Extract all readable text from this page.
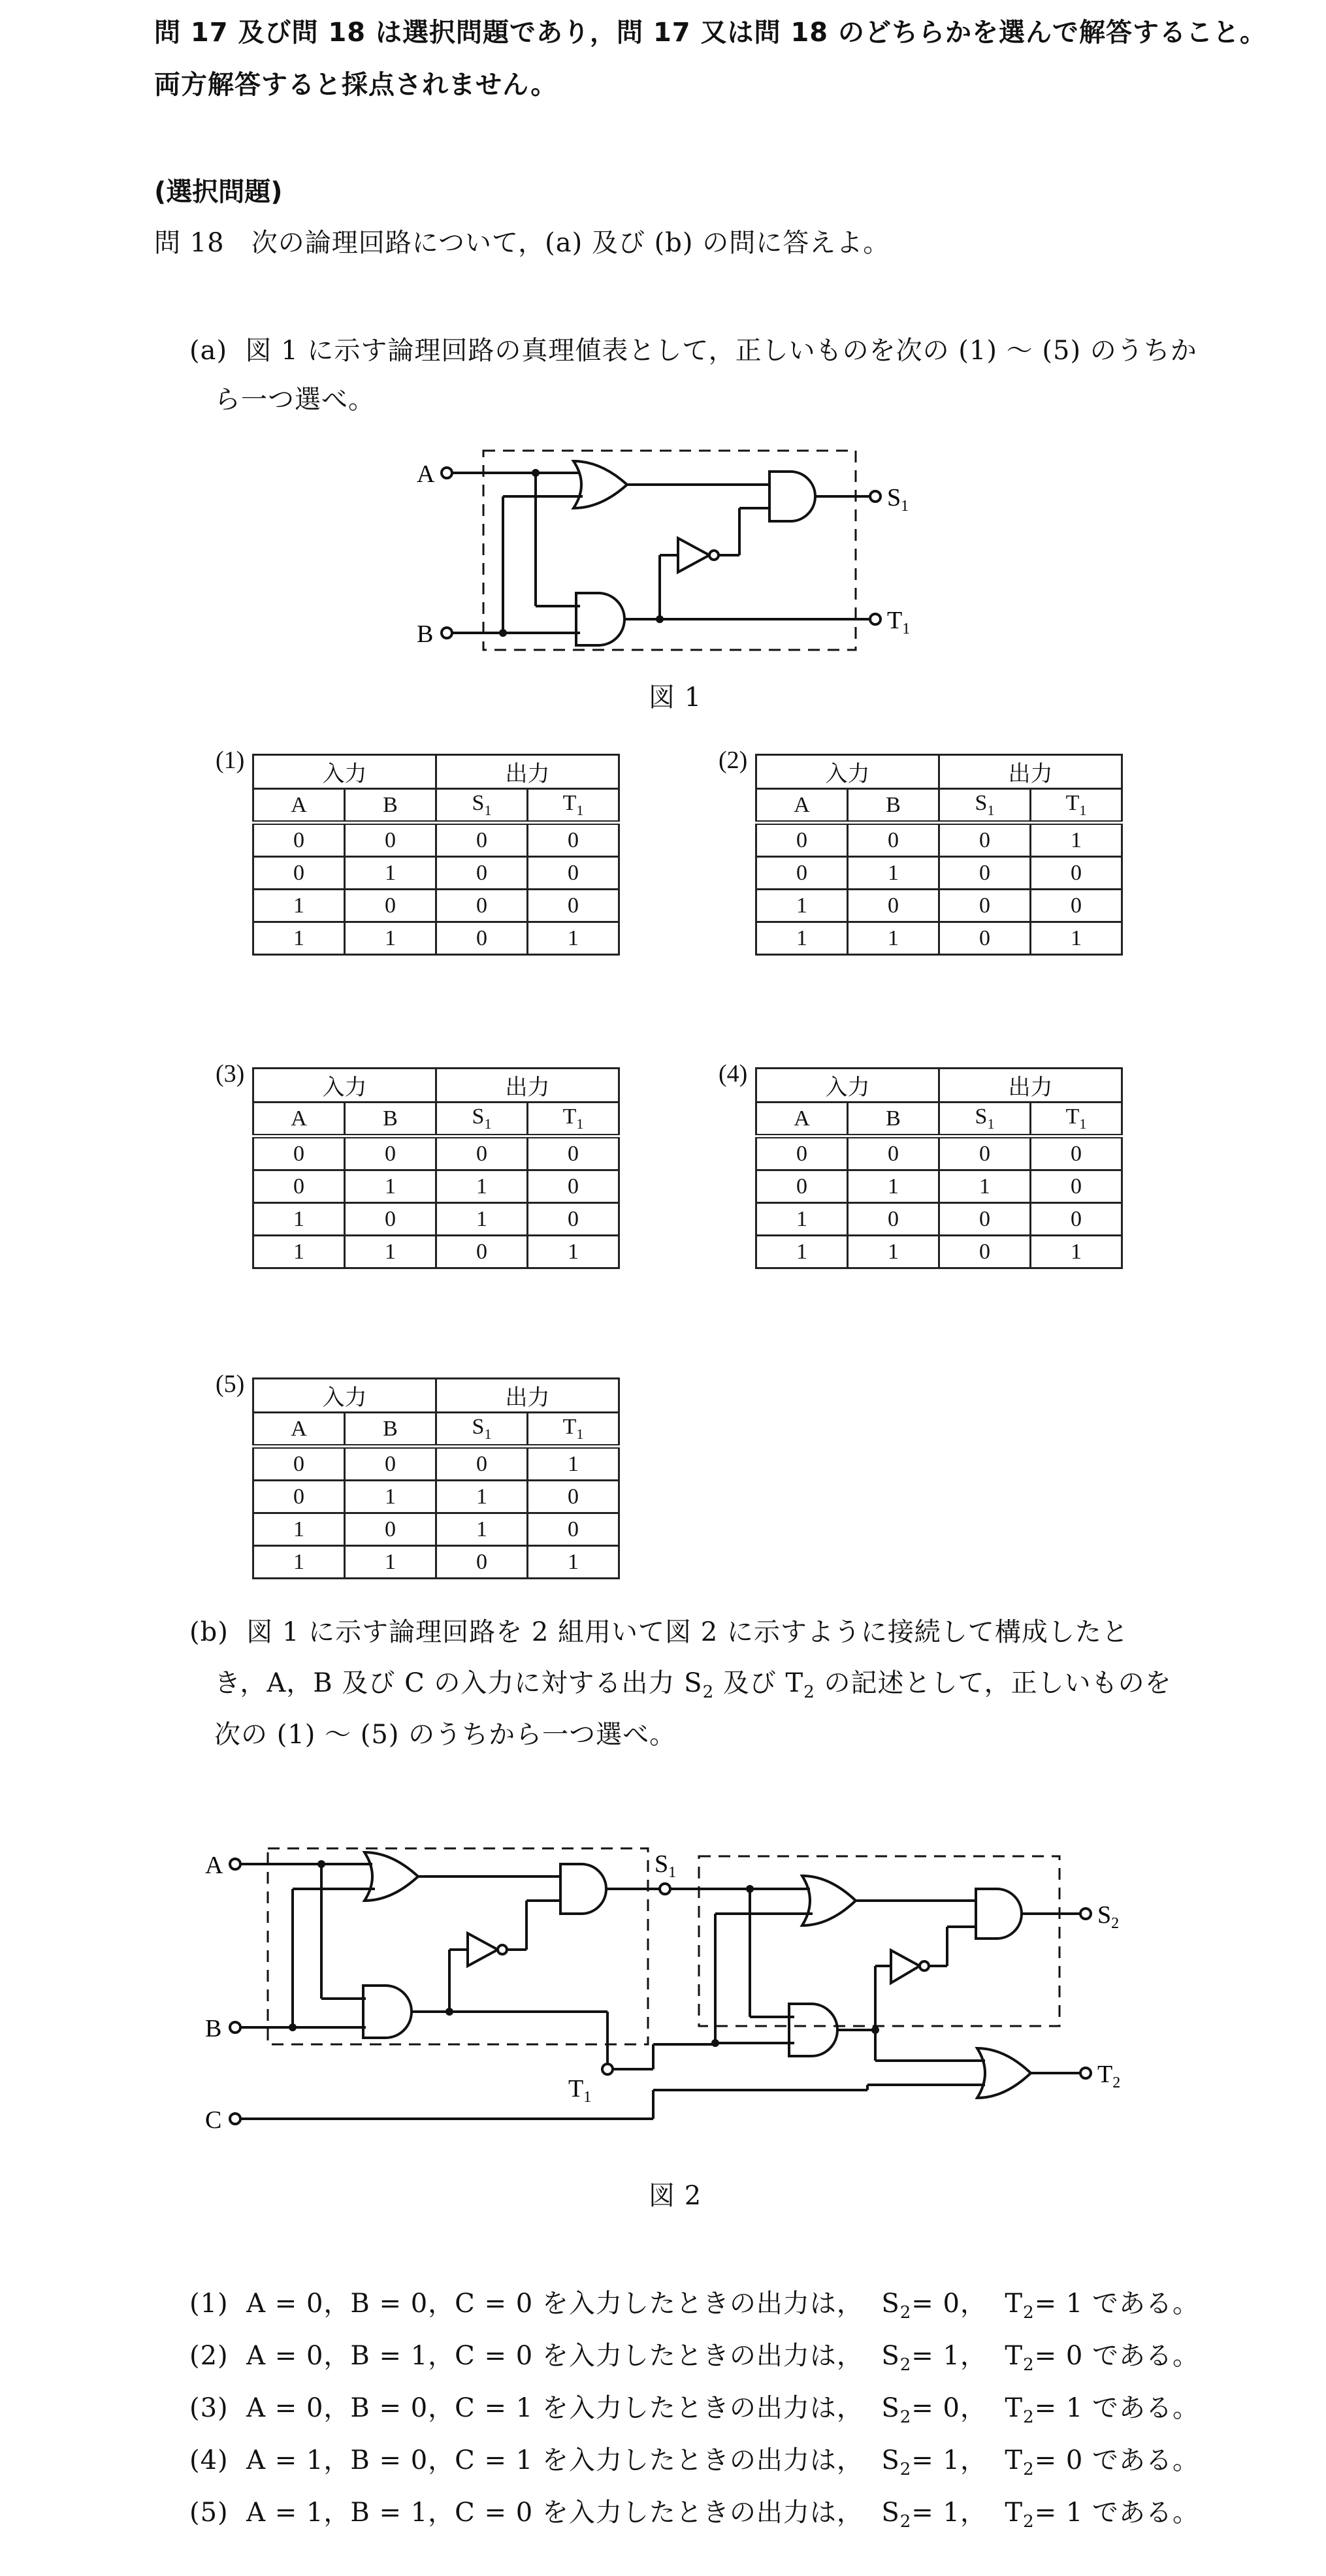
問 17 及び問 18 は選択問題であり，問 17 又は問 18 のどちらかを選んで解答すること。
両方解答すると採点されません。
(選択問題)
問 18 次の論理回路について，(a) 及び (b) の問に答えよ。
(a) 図 1 に示す論理回路の真理値表として，正しいものを次の (1) 〜 (5) のうちか
ら一つ選べ。
A
B
$S_1$
$T_1$
図 1
(1)
入力		出力	
A	B	$S_1$	$T_1$
0	0	0	0
0	1	0	0
1	0	0	0
1	1	0	1
(2)
入力		出力	
A	B	$S_1$	$T_1$
0	0	0	1
0	1	0	0
1	0	0	0
1	1	0	1
(3)
入力		出力	
A	B	$S_1$	$T_1$
0	0	0	0
0	1	1	0
1	0	1	0
1	1	0	1
(4)
入力		出力	
A	B	$S_1$	$T_1$
0	0	0	0
0	1	1	0
1	0	0	0
1	1	0	1
(5)
入力		出力	
A	B	$S_1$	$T_1$
0	0	0	1
0	1	1	0
1	0	1	0
1	1	0	1
(b) 図 1 に示す論理回路を 2 組用いて図 2 に示すように接続して構成したと
き，A，B 及び C の入力に対する出力 $S_2$ 及び $T_2$ の記述として，正しいものを
次の (1) 〜 (5) のうちから一つ選べ。
A
B
C
$S_1$
$T_1$
$S_2$
$T_2$
図 2
(1) A = 0，B = 0，C = 0 を入力したときの出力は， $S_2= 0$， $T_2= 1$ である。
(2) A = 0，B = 1，C = 0 を入力したときの出力は， $S_2= 1$， $T_2= 0$ である。
(3) A = 0，B = 0，C = 1 を入力したときの出力は， $S_2= 0$， $T_2= 1$ である。
(4) A = 1，B = 0，C = 1 を入力したときの出力は， $S_2= 1$， $T_2= 0$ である。
(5) A = 1，B = 1，C = 0 を入力したときの出力は， $S_2= 1$， $T_2= 1$ である。
